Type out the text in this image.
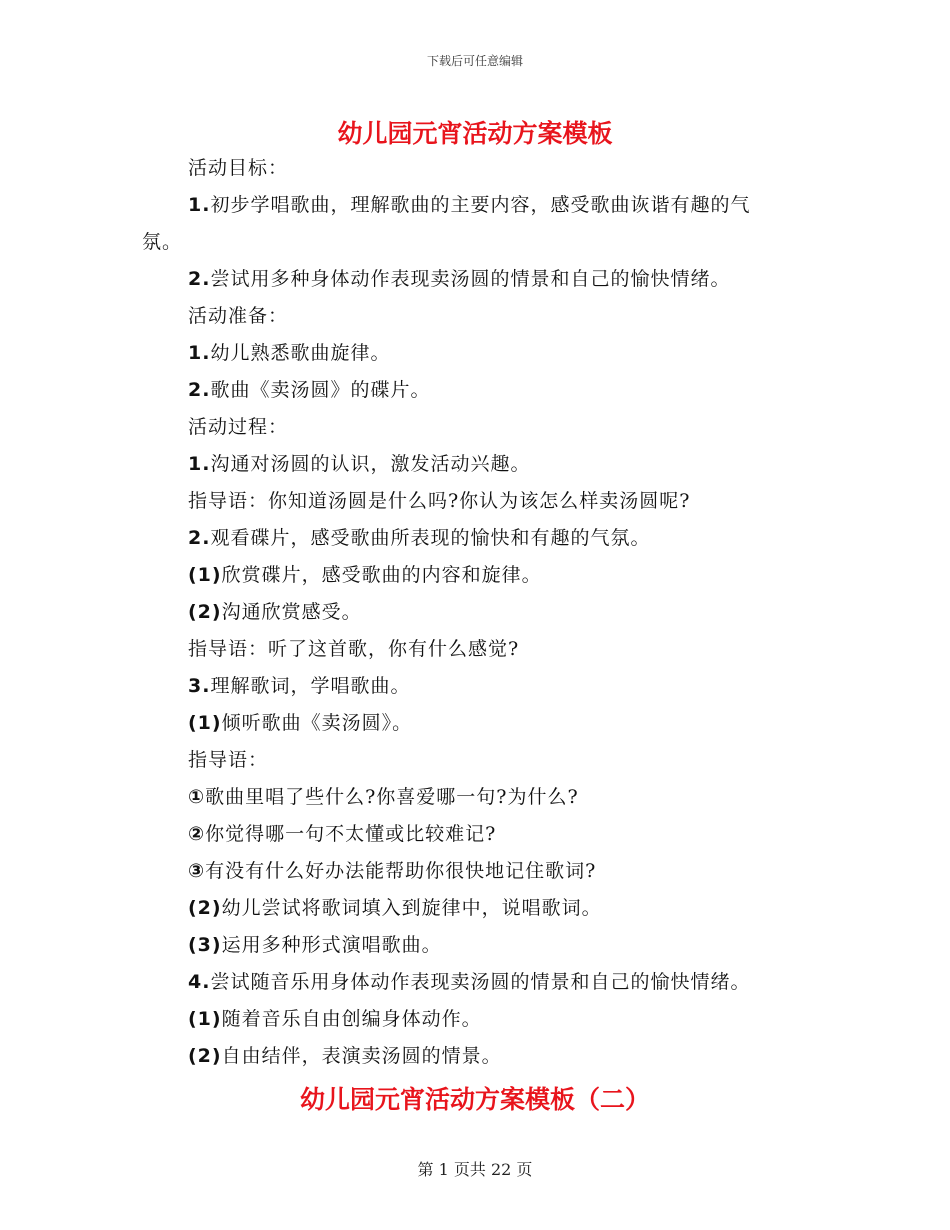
下载后可任意编辑
幼儿园元宵活动方案模板
活动目标：
1.初步学唱歌曲，理解歌曲的主要内容，感受歌曲诙谐有趣的气
氛。
2.尝试用多种身体动作表现卖汤圆的情景和自己的愉快情绪。
活动准备：
1.幼儿熟悉歌曲旋律。
2.歌曲《卖汤圆》的碟片。
活动过程：
1.沟通对汤圆的认识，激发活动兴趣。
指导语：你知道汤圆是什么吗?你认为该怎么样卖汤圆呢?
2.观看碟片，感受歌曲所表现的愉快和有趣的气氛。
(1)欣赏碟片，感受歌曲的内容和旋律。
(2)沟通欣赏感受。
指导语：听了这首歌，你有什么感觉?
3.理解歌词，学唱歌曲。
(1)倾听歌曲《卖汤圆》。
指导语：
①歌曲里唱了些什么?你喜爱哪一句?为什么?
②你觉得哪一句不太懂或比较难记?
③有没有什么好办法能帮助你很快地记住歌词?
(2)幼儿尝试将歌词填入到旋律中，说唱歌词。
(3)运用多种形式演唱歌曲。
4.尝试随音乐用身体动作表现卖汤圆的情景和自己的愉快情绪。
(1)随着音乐自由创编身体动作。
(2)自由结伴，表演卖汤圆的情景。
幼儿园元宵活动方案模板（二）
第 1 页共 22 页
